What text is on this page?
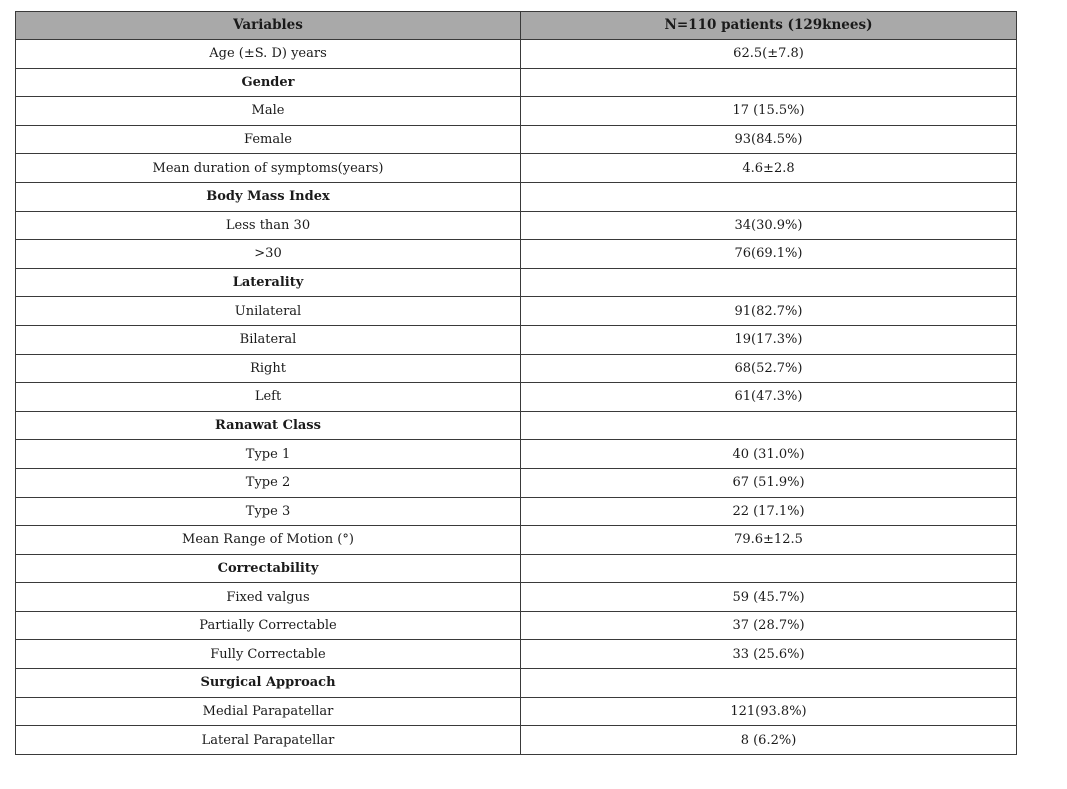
Variables	N=110 patients (129knees)
Age (±S. D) years	62.5(±7.8)
Gender	
Male	17 (15.5%)
Female	93(84.5%)
Mean duration of symptoms(years)	4.6±2.8
Body Mass Index	
Less than 30	34(30.9%)
>30	76(69.1%)
Laterality	
Unilateral	91(82.7%)
Bilateral	19(17.3%)
Right	68(52.7%)
Left	61(47.3%)
Ranawat Class	
Type 1	40 (31.0%)
Type 2	67 (51.9%)
Type 3	22 (17.1%)
Mean Range of Motion (°)	79.6±12.5
Correctability	
Fixed valgus	59 (45.7%)
Partially Correctable	37 (28.7%)
Fully Correctable	33 (25.6%)
Surgical Approach	
Medial Parapatellar	121(93.8%)
Lateral Parapatellar	8 (6.2%)
